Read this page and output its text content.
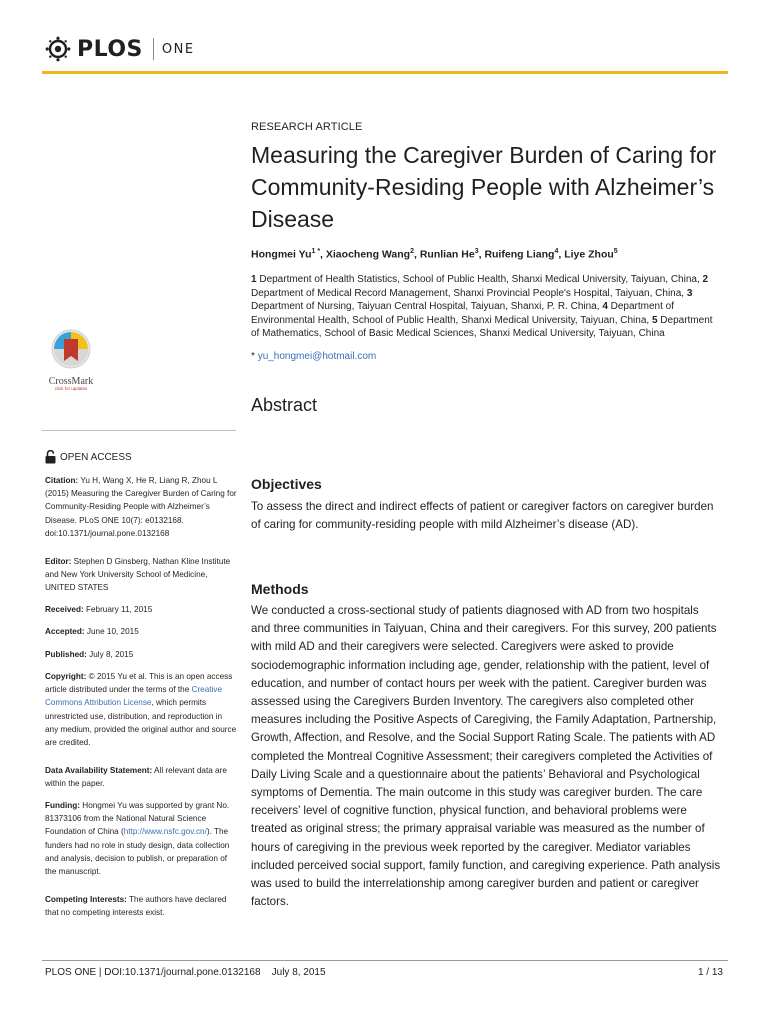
PLOS ONE
RESEARCH ARTICLE
Measuring the Caregiver Burden of Caring for Community-Residing People with Alzheimer’s Disease
Hongmei $Yu^{1 *}$, Xiaocheng Wang$^2$, Runlian He$^3$, Ruifeng Liang$^4$, Liye Zhou$^5$
1 Department of Health Statistics, School of Public Health, Shanxi Medical University, Taiyuan, China, 2 Department of Medical Record Management, Shanxi Provincial People's Hospital, Taiyuan, China, 3 Department of Nursing, Taiyuan Central Hospital, Taiyuan, Shanxi, P. R. China, 4 Department of Environmental Health, School of Public Health, Shanxi Medical University, Taiyuan, China, 5 Department of Mathematics, School of Basic Medical Sciences, Shanxi Medical University, Taiyuan, China
* yu_hongmei@hotmail.com
Abstract
Objectives

To assess the direct and indirect effects of patient or caregiver factors on caregiver burden of caring for community-residing people with mild Alzheimer’s disease (AD).

Methods

We conducted a cross-sectional study of patients diagnosed with AD from two hospitals and three communities in Taiyuan, China and their caregivers. For this survey, 200 patients with mild AD and their caregivers were selected. Caregivers were asked to provide sociodemographic information including age, gender, relationship with the patient, level of education, and number of contact hours per week with the patient. Caregiver burden was assessed using the Caregivers Burden Inventory. The caregivers also completed other measures including the Positive Aspects of Caregiving, the Family Adaptation, Partnership, Growth, Affection, and Resolve, and the Social Support Rating Scale. The patients with AD completed the Montreal Cognitive Assessment; their caregivers completed the Activities of Daily Living Scale and a questionnaire about the patients’ Behavioral and Psychological symptoms of Dementia. The main outcome in this study was caregiver burden. The care receivers’ level of cognitive function, physical function, and behavioral problems were treated as original stress; the primary appraisal variable was measured as the number of hours of caregiving in the previous week reported by the caregiver. Mediator variables included perceived social support, family function, and caregiving experience. Path analysis was used to build the interrelationship among caregiver burden and patient or caregiver factors.

CrossMark
click for updates
OPEN ACCESS

Citation: Yu H, Wang X, He R, Liang R, Zhou L (2015) Measuring the Caregiver Burden of Caring for Community-Residing People with Alzheimer’s Disease. PLoS ONE 10(7): e0132168. doi:10.1371/journal.pone.0132168

Editor: Stephen D Ginsberg, Nathan Kline Institute and New York University School of Medicine, UNITED STATES

Received: February 11, 2015

Accepted: June 10, 2015

Published: July 8, 2015

Copyright: © 2015 Yu et al. This is an open access article distributed under the terms of the Creative Commons Attribution License, which permits unrestricted use, distribution, and reproduction in any medium, provided the original author and source are credited.

Data Availability Statement: All relevant data are within the paper.

Funding: Hongmei Yu was supported by grant No. 81373106 from the National Natural Science Foundation of China (http://www.nsfc.gov.cn/). The funders had no role in study design, data collection and analysis, decision to publish, or preparation of the manuscript.

Competing Interests: The authors have declared that no competing interests exist.

PLOS ONE | DOI:10.1371/journal.pone.0132168    July 8, 2015	1 / 13
